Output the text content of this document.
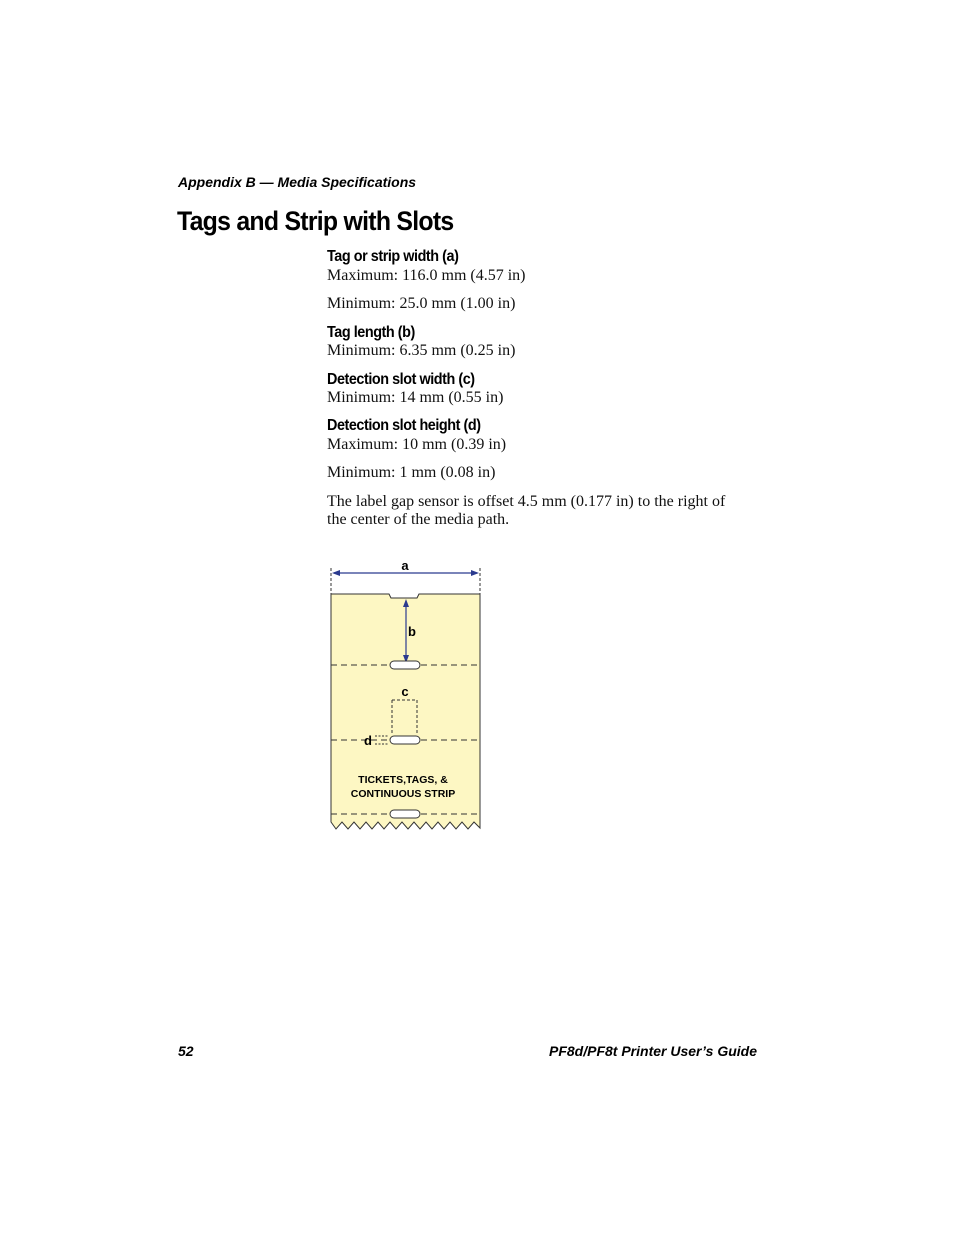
Appendix B — Media Specifications
Tags and Strip with Slots
Tag or strip width (a)
Maximum: 116.0 mm (4.57 in)
Minimum: 25.0 mm (1.00 in)
Tag length (b)
Minimum: 6.35 mm (0.25 in)
Detection slot width (c)
Minimum: 14 mm (0.55 in)
Detection slot height (d)
Maximum: 10 mm (0.39 in)
Minimum: 1 mm (0.08 in)
The label gap sensor is offset 4.5 mm (0.177 in) to the right of the center of the media path.
a
b
c
d
TICKETS,TAGS, &
CONTINUOUS STRIP
52	PF8d/PF8t Printer User’s Guide
